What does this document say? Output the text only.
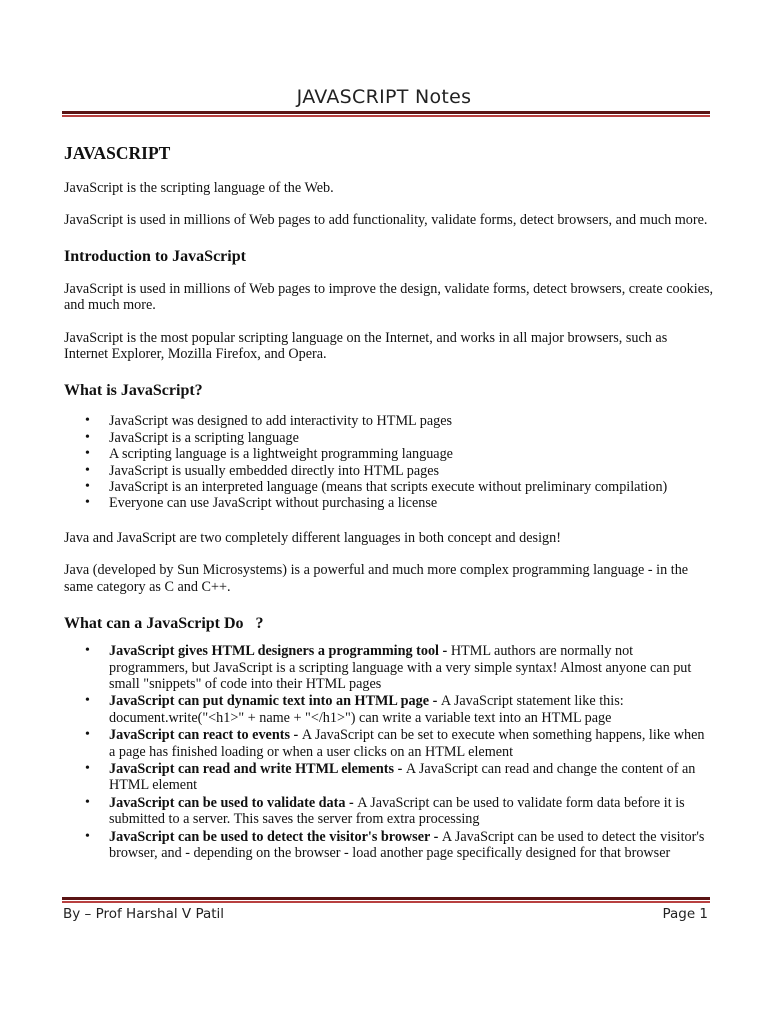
JAVASCRIPT Notes
JAVASCRIPT

JavaScript is the scripting language of the Web.

JavaScript is used in millions of Web pages to add functionality, validate forms, detect browsers, and much more.

Introduction to JavaScript

JavaScript is used in millions of Web pages to improve the design, validate forms, detect browsers, create cookies, and much more.

JavaScript is the most popular scripting language on the Internet, and works in all major browsers, such as Internet Explorer, Mozilla Firefox, and Opera.

What is JavaScript?
• JavaScript was designed to add interactivity to HTML pages
• JavaScript is a scripting language
• A scripting language is a lightweight programming language
• JavaScript is usually embedded directly into HTML pages
• JavaScript is an interpreted language (means that scripts execute without preliminary compilation)
• Everyone can use JavaScript without purchasing a license

Java and JavaScript are two completely different languages in both concept and design!

Java (developed by Sun Microsystems) is a powerful and much more complex programming language - in the same category as C and C++.

What can a JavaScript Do   ?
• JavaScript gives HTML designers a programming tool - HTML authors are normally not programmers, but JavaScript is a scripting language with a very simple syntax! Almost anyone can put small "snippets" of code into their HTML pages
• JavaScript can put dynamic text into an HTML page - A JavaScript statement like this: document.write("<h1>" + name + "</h1>") can write a variable text into an HTML page
• JavaScript can react to events - A JavaScript can be set to execute when something happens, like when a page has finished loading or when a user clicks on an HTML element
• JavaScript can read and write HTML elements - A JavaScript can read and change the content of an HTML element
• JavaScript can be used to validate data - A JavaScript can be used to validate form data before it is submitted to a server. This saves the server from extra processing
• JavaScript can be used to detect the visitor's browser - A JavaScript can be used to detect the visitor's browser, and - depending on the browser - load another page specifically designed for that browser
By – Prof Harshal V Patil	Page 1
